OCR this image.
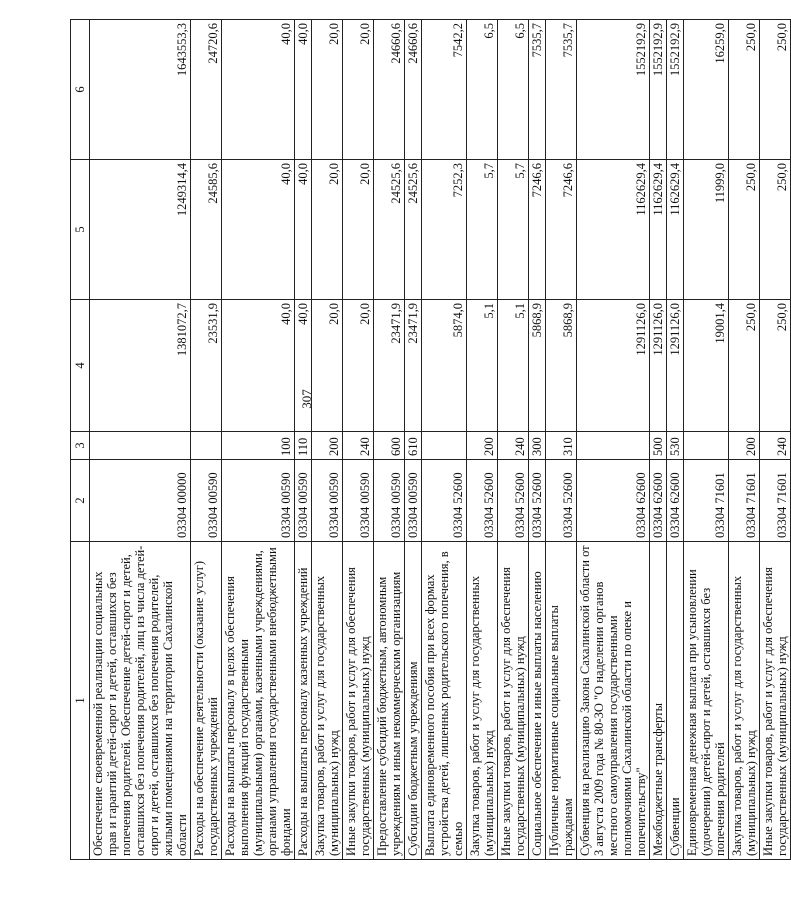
307
1	2	3	4	5	6
Обеспечение своевременной реализации социальных прав и гарантий детей-сирот и детей, оставшихся без попечения родителей. Обеспечение детей-сирот и детей, оставшихся без попечения родителей, лиц из числа детей-сирот и детей, оставшихся без попечения родителей, жилыми помещениями на территории Сахалинской области	03304 00000		1381072,7	1249314,4	1643553,3
Расходы на обеспечение деятельности (оказание услуг) государственных учреждений	03304 00590		23531,9	24585,6	24720,6
Расходы на выплаты персоналу в целях обеспечения выполнения функций государственными (муниципальными) органами, казенными учреждениями, органами управления государственными внебюджетными фондами	03304 00590	100	40,0	40,0	40,0
Расходы на выплаты персоналу казенных учреждений	03304 00590	110	40,0	40,0	40,0
Закупка товаров, работ и услуг для государственных (муниципальных) нужд	03304 00590	200	20,0	20,0	20,0
Иные закупки товаров, работ и услуг для обеспечения государственных (муниципальных) нужд	03304 00590	240	20,0	20,0	20,0
Предоставление субсидий бюджетным, автономным учреждениям и иным некоммерческим организациям	03304 00590	600	23471,9	24525,6	24660,6
Субсидии бюджетным учреждениям	03304 00590	610	23471,9	24525,6	24660,6
Выплата единовременного пособия при всех формах устройства детей, лишенных родительского попечения, в семью	03304 52600		5874,0	7252,3	7542,2
Закупка товаров, работ и услуг для государственных (муниципальных) нужд	03304 52600	200	5,1	5,7	6,5
Иные закупки товаров, работ и услуг для обеспечения государственных (муниципальных) нужд	03304 52600	240	5,1	5,7	6,5
Социальное обеспечение и иные выплаты населению	03304 52600	300	5868,9	7246,6	7535,7
Публичные нормативные социальные выплаты гражданам	03304 52600	310	5868,9	7246,6	7535,7
Субвенция на реализацию Закона Сахалинской области от 3 августа 2009 года № 80-ЗО "О наделении органов местного самоуправления государственными полномочиями Сахалинской области по опеке и попечительству"	03304 62600		1291126,0	1162629,4	1552192,9
Межбюджетные трансферты	03304 62600	500	1291126,0	1162629,4	1552192,9
Субвенции	03304 62600	530	1291126,0	1162629,4	1552192,9
Единовременная денежная выплата при усыновлении (удочерении) детей-сирот и детей, оставшихся без попечения родителей	03304 71601		19001,4	11999,0	16259,0
Закупка товаров, работ и услуг для государственных (муниципальных) нужд	03304 71601	200	250,0	250,0	250,0
Иные закупки товаров, работ и услуг для обеспечения государственных (муниципальных) нужд	03304 71601	240	250,0	250,0	250,0
